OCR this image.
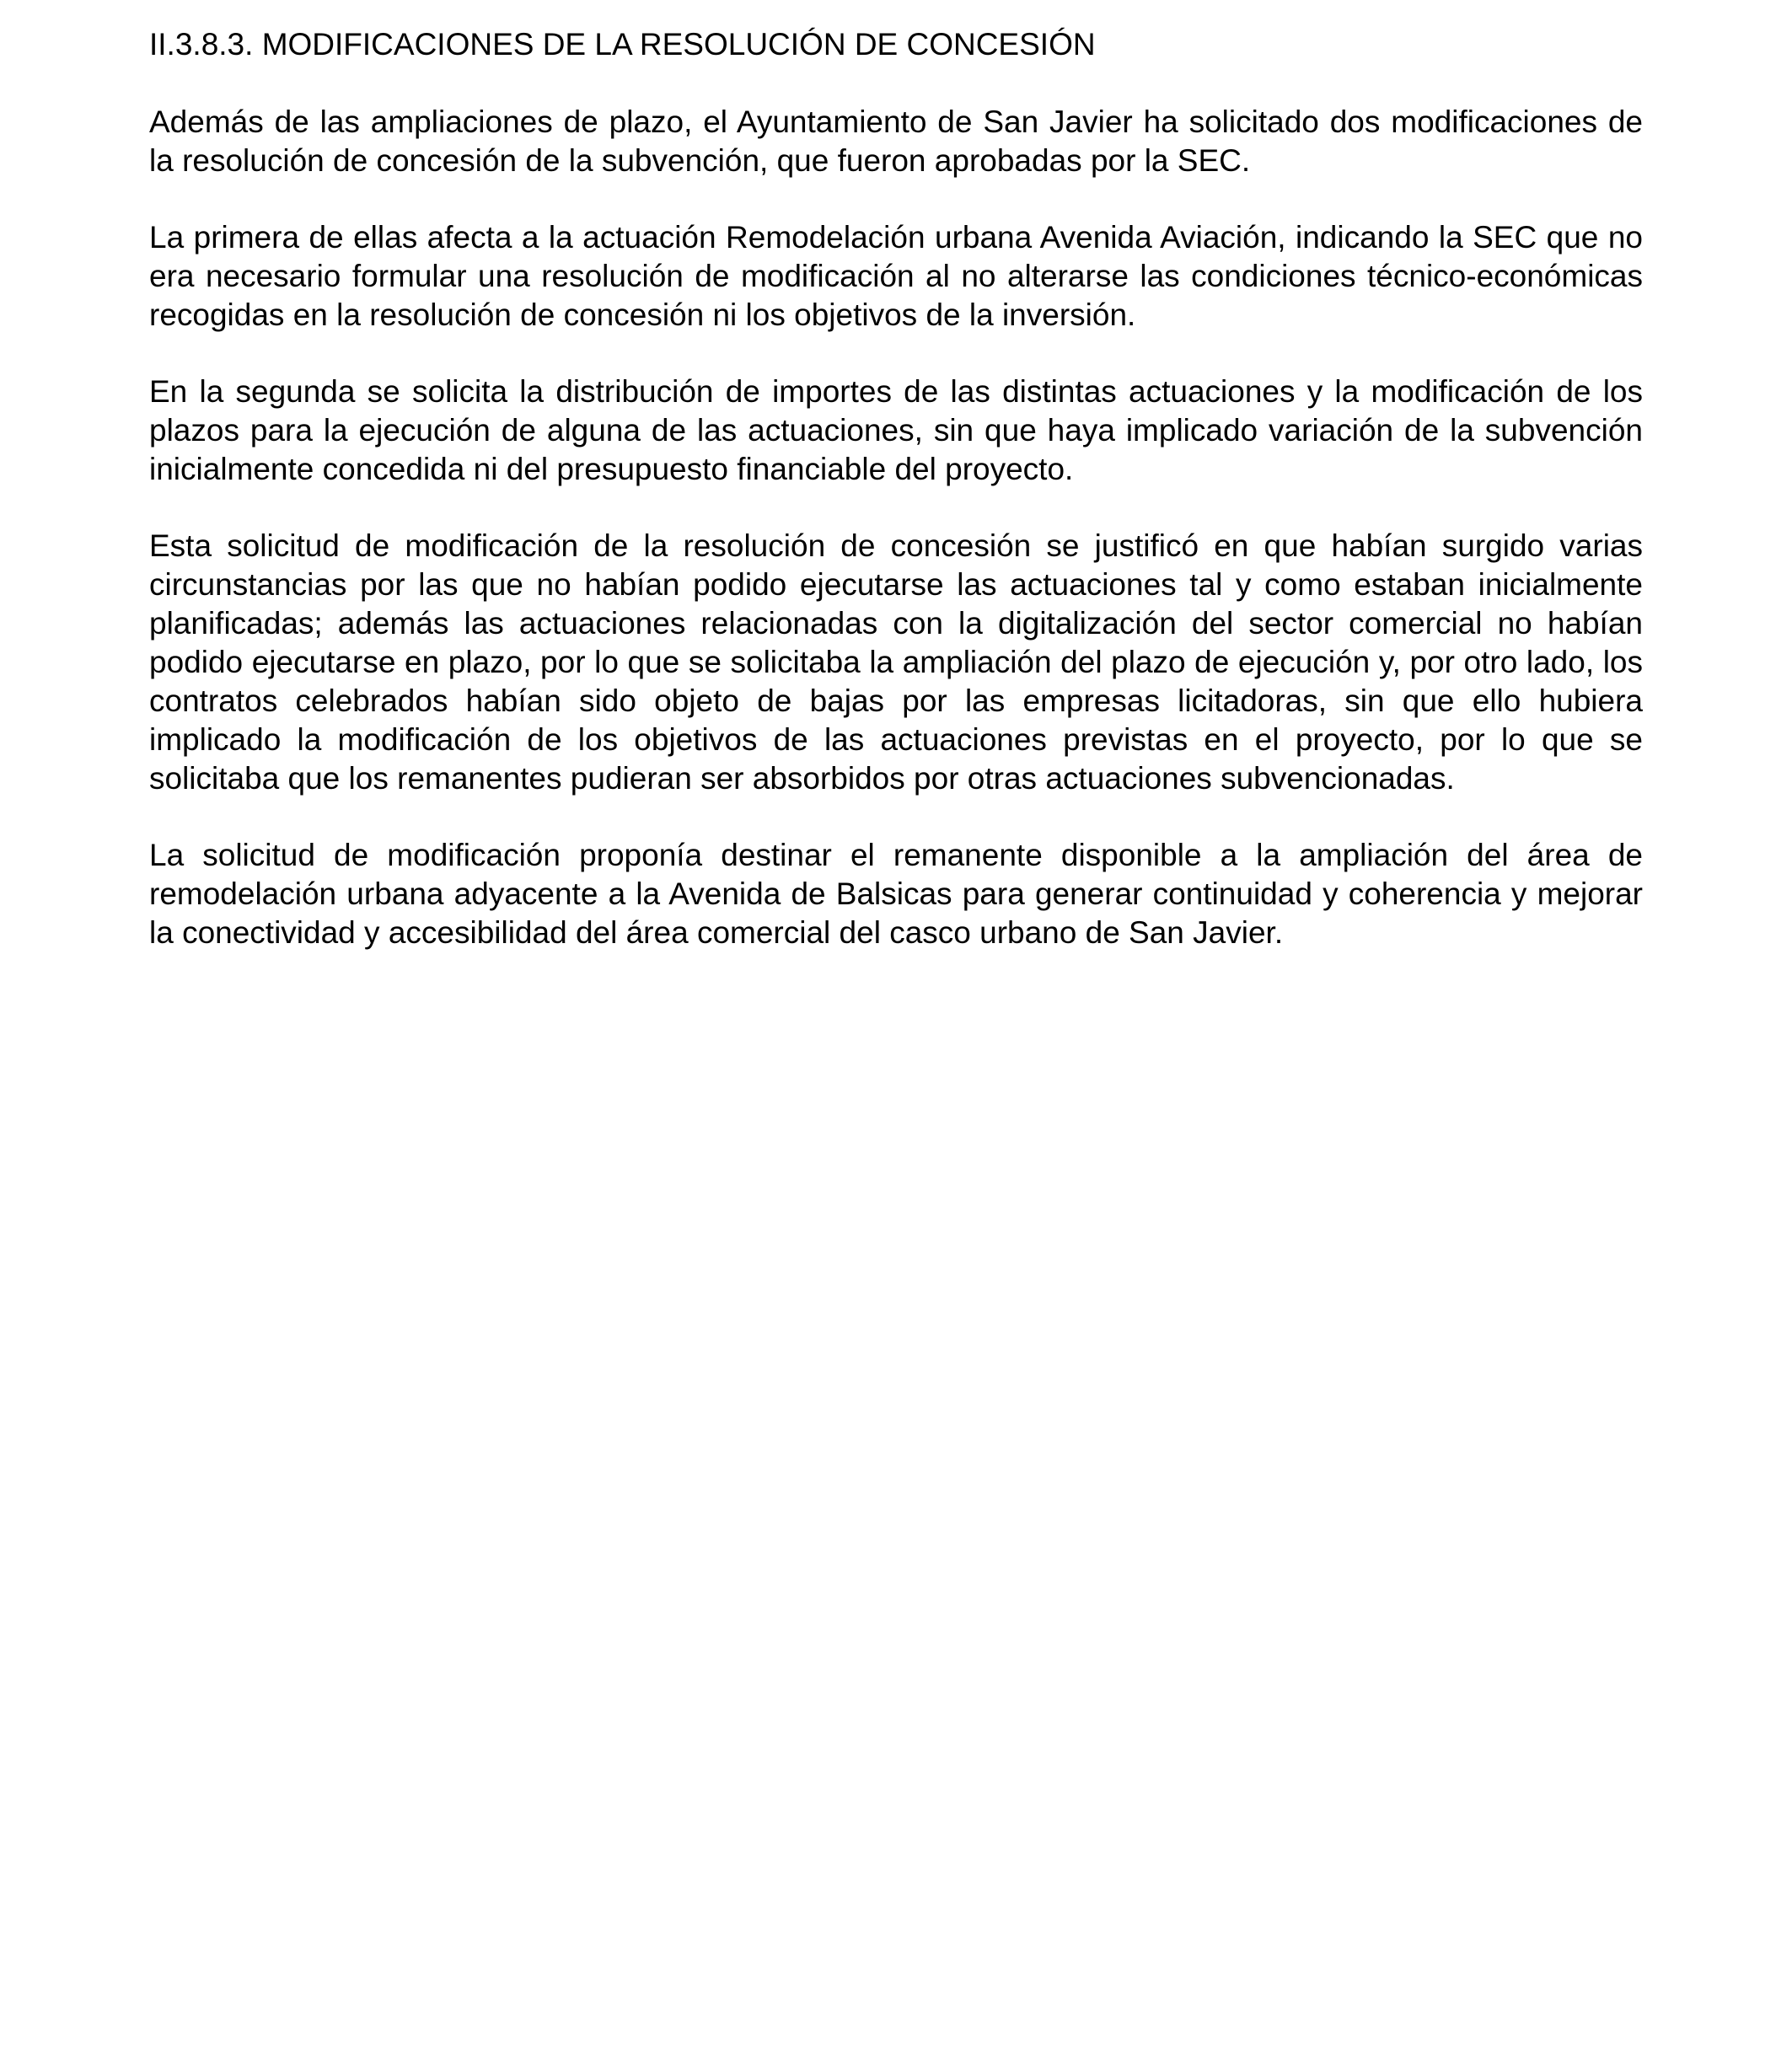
II.3.8.3. MODIFICACIONES DE LA RESOLUCIÓN DE CONCESIÓN

Además de las ampliaciones de plazo, el Ayuntamiento de San Javier ha solicitado dos modificaciones de la resolución de concesión de la subvención, que fueron aprobadas por la SEC.

La primera de ellas afecta a la actuación Remodelación urbana Avenida Aviación, indicando la SEC que no era necesario formular una resolución de modificación al no alterarse las condiciones técnico-económicas recogidas en la resolución de concesión ni los objetivos de la inversión.

En la segunda se solicita la distribución de importes de las distintas actuaciones y la modificación de los plazos para la ejecución de alguna de las actuaciones, sin que haya implicado variación de la subvención inicialmente concedida ni del presupuesto financiable del proyecto.

Esta solicitud de modificación de la resolución de concesión se justificó en que habían surgido varias circunstancias por las que no habían podido ejecutarse las actuaciones tal y como estaban inicialmente planificadas; además las actuaciones relacionadas con la digitalización del sector comercial no habían podido ejecutarse en plazo, por lo que se solicitaba la ampliación del plazo de ejecución y, por otro lado, los contratos celebrados habían sido objeto de bajas por las empresas licitadoras, sin que ello hubiera implicado la modificación de los objetivos de las actuaciones previstas en el proyecto, por lo que se solicitaba que los remanentes pudieran ser absorbidos por otras actuaciones subvencionadas.

La solicitud de modificación proponía destinar el remanente disponible a la ampliación del área de remodelación urbana adyacente a la Avenida de Balsicas para generar continuidad y coherencia y mejorar la conectividad y accesibilidad del área comercial del casco urbano de San Javier.
